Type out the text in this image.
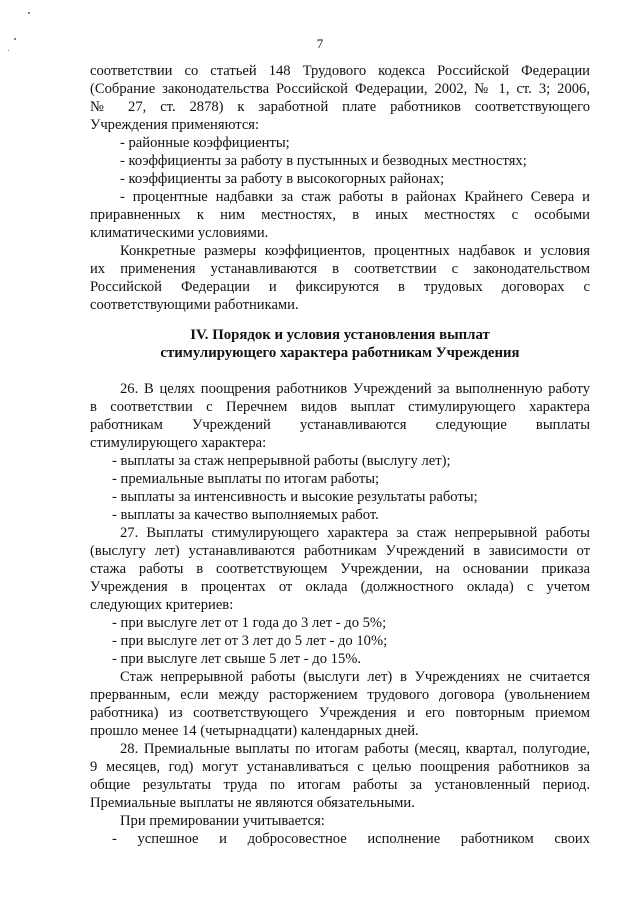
7
соответствии со статьей 148 Трудового кодекса Российской Федерации
(Собрание законодательства Российской Федерации, 2002, № 1, ст. 3; 2006,
№ 27, ст. 2878) к заработной плате работников соответствующего
Учреждения применяются:
- районные коэффициенты;
- коэффициенты за работу в пустынных и безводных местностях;
- коэффициенты за работу в высокогорных районах;
- процентные надбавки за стаж работы в районах Крайнего Севера и
приравненных к ним местностях, в иных местностях с особыми
климатическими условиями.
Конкретные размеры коэффициентов, процентных надбавок и условия
их применения устанавливаются в соответствии с законодательством
Российской Федерации и фиксируются в трудовых договорах с
соответствующими работниками.
IV. Порядок и условия установления выплат
стимулирующего характера работникам Учреждения
26. В целях поощрения работников Учреждений за выполненную работу
в соответствии с Перечнем видов выплат стимулирующего характера
работникам Учреждений устанавливаются следующие выплаты
стимулирующего характера:
- выплаты за стаж непрерывной работы (выслугу лет);
- премиальные выплаты по итогам работы;
- выплаты за интенсивность и высокие результаты работы;
- выплаты за качество выполняемых работ.
27. Выплаты стимулирующего характера за стаж непрерывной работы
(выслугу лет) устанавливаются работникам Учреждений в зависимости от
стажа работы в соответствующем Учреждении, на основании приказа
Учреждения в процентах от оклада (должностного оклада) с учетом
следующих критериев:
- при выслуге лет от 1 года до 3 лет - до 5%;
- при выслуге лет от 3 лет до 5 лет - до 10%;
- при выслуге лет свыше 5 лет - до 15%.
Стаж непрерывной работы (выслуги лет) в Учреждениях не считается
прерванным, если между расторжением трудового договора (увольнением
работника) из соответствующего Учреждения и его повторным приемом
прошло менее 14 (четырнадцати) календарных дней.
28. Премиальные выплаты по итогам работы (месяц, квартал, полугодие,
9 месяцев, год) могут устанавливаться с целью поощрения работников за
общие результаты труда по итогам работы за установленный период.
Премиальные выплаты не являются обязательными.
При премировании учитывается:
- успешное и добросовестное исполнение работником своих
